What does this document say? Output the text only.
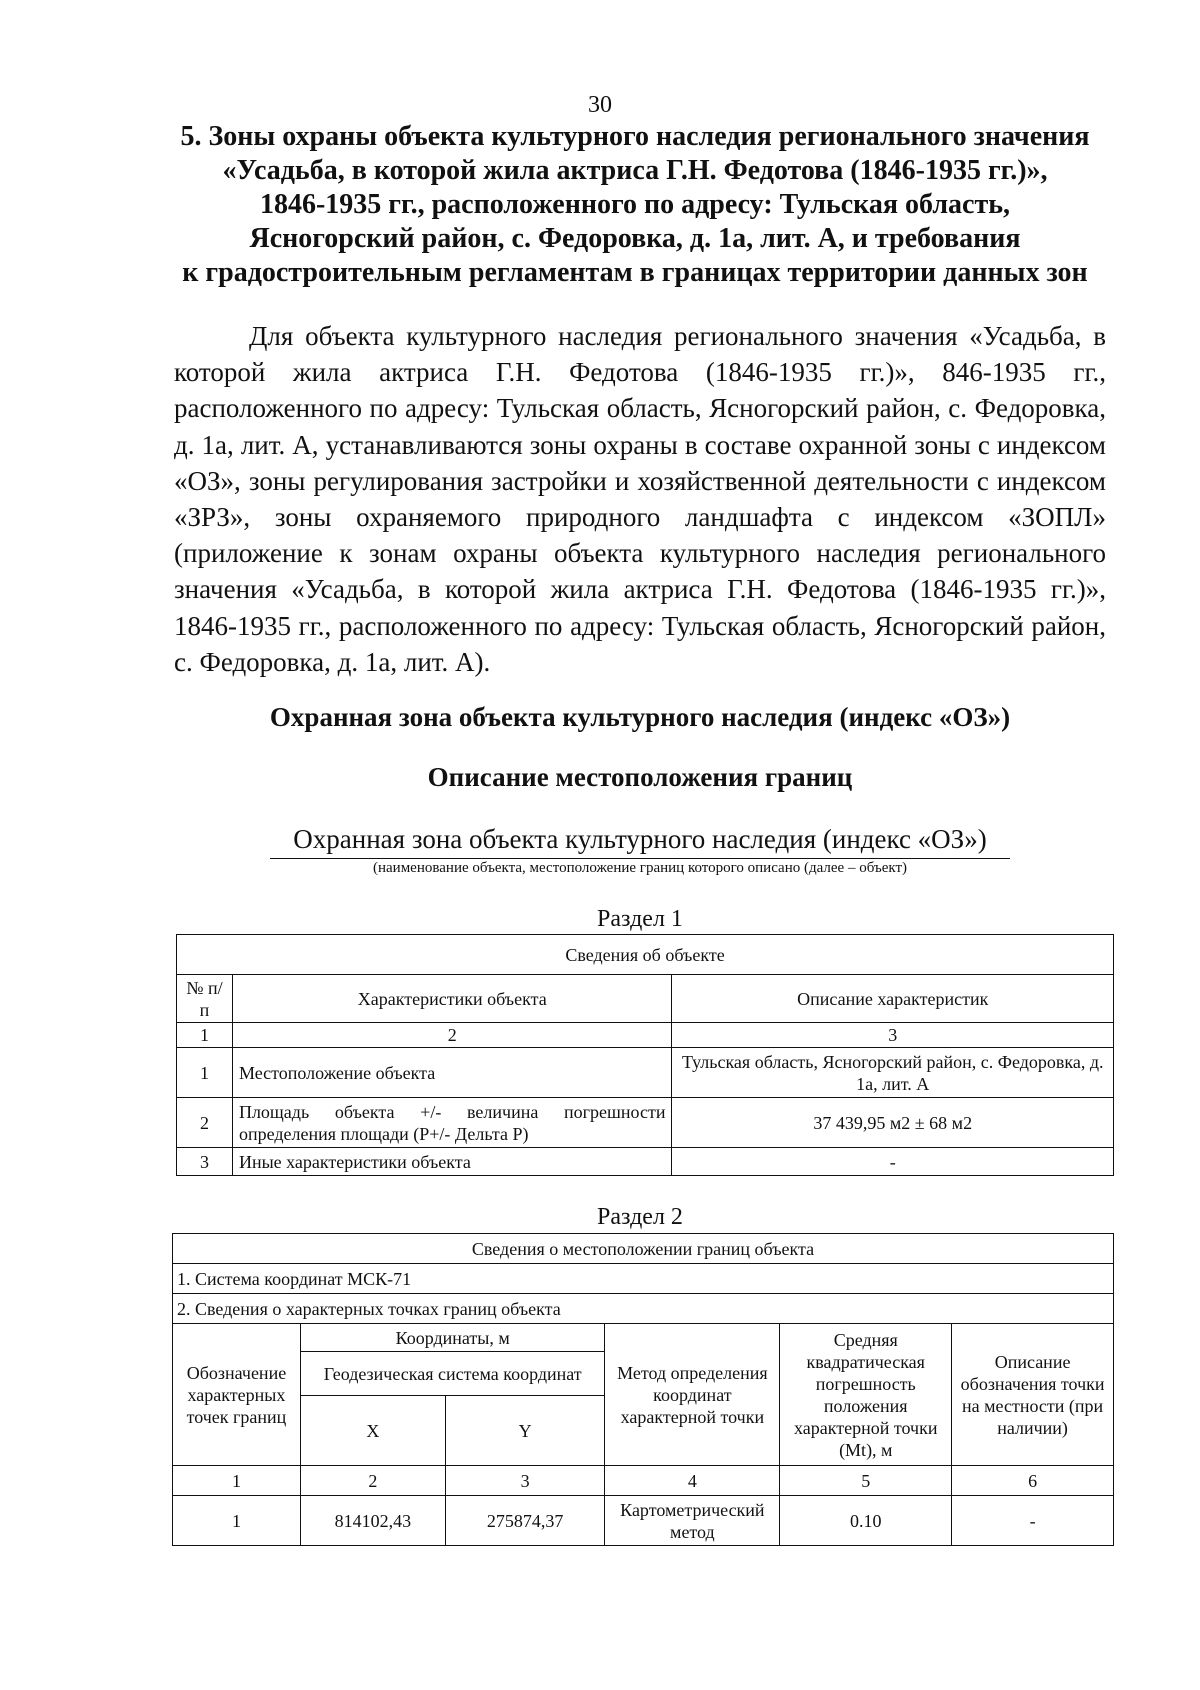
30
5. Зоны охраны объекта культурного наследия регионального значения
«Усадьба, в которой жила актриса Г.Н. Федотова (1846-1935 гг.)»,
1846-1935 гг., расположенного по адресу: Тульская область,
Ясногорский район, с. Федоровка, д. 1а, лит. А, и требования
к градостроительным регламентам в границах территории данных зон
Для объекта культурного наследия регионального значения «Усадьба, в которой жила актриса Г.Н. Федотова (1846-1935 гг.)», 846-1935 гг., расположенного по адресу: Тульская область, Ясногорский район, с. Федоровка, д. 1а, лит. А, устанавливаются зоны охраны в составе охранной зоны с индексом «ОЗ», зоны регулирования застройки и хозяйственной деятельности с индексом «ЗРЗ», зоны охраняемого природного ландшафта с индексом «ЗОПЛ» (приложение к зонам охраны объекта культурного наследия регионального значения «Усадьба, в которой жила актриса Г.Н. Федотова (1846-1935 гг.)», 1846-1935 гг., расположенного по адресу: Тульская область, Ясногорский район, с. Федоровка, д. 1а, лит. А).
Охранная зона объекта культурного наследия (индекс «ОЗ»)
Описание местоположения границ
Охранная зона объекта культурного наследия (индекс «ОЗ»)
(наименование объекта, местоположение границ которого описано (далее – объект)
Раздел 1
Сведения об объекте		
№ п/п	Характеристики объекта	Описание характеристик
1	2	3
1	Местоположение объекта	Тульская область, Ясногорский район, с. Федоровка, д. 1а, лит. А
2	Площадь объекта +/- величина погрешности определения площади (Р+/- Дельта Р)	37 439,95 м2 ± 68 м2
3	Иные характеристики объекта	-
Раздел 2
Сведения о местоположении границ объекта					
1. Система координат МСК-71					
2. Сведения о характерных точках границ объекта					
Обозначение характерных точек границ	Координаты, м		Метод определения координат характерной точки	Средняя квадратическая погрешность положения характерной точки (Mt), м	Описание обозначения точки на местности (при наличии)
	Геодезическая система координат				
	X	Y			
1	2	3	4	5	6
1	814102,43	275874,37	Картометрический метод	0.10	-
